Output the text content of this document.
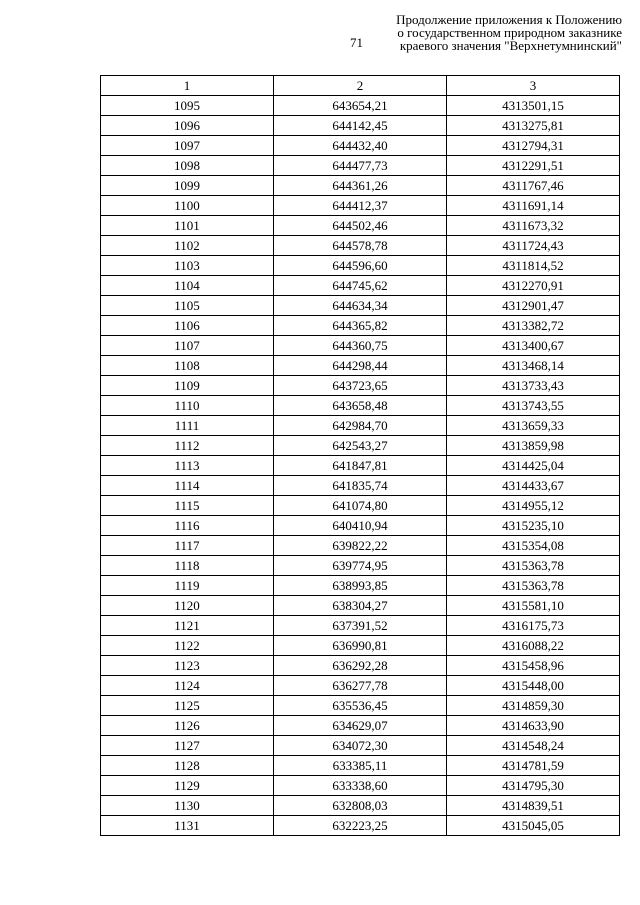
Продолжение приложения к Положению
о государственном природном заказнике
краевого значения "Верхнетумнинский"
71
1	2	3
1095	643654,21	4313501,15
1096	644142,45	4313275,81
1097	644432,40	4312794,31
1098	644477,73	4312291,51
1099	644361,26	4311767,46
1100	644412,37	4311691,14
1101	644502,46	4311673,32
1102	644578,78	4311724,43
1103	644596,60	4311814,52
1104	644745,62	4312270,91
1105	644634,34	4312901,47
1106	644365,82	4313382,72
1107	644360,75	4313400,67
1108	644298,44	4313468,14
1109	643723,65	4313733,43
1110	643658,48	4313743,55
1111	642984,70	4313659,33
1112	642543,27	4313859,98
1113	641847,81	4314425,04
1114	641835,74	4314433,67
1115	641074,80	4314955,12
1116	640410,94	4315235,10
1117	639822,22	4315354,08
1118	639774,95	4315363,78
1119	638993,85	4315363,78
1120	638304,27	4315581,10
1121	637391,52	4316175,73
1122	636990,81	4316088,22
1123	636292,28	4315458,96
1124	636277,78	4315448,00
1125	635536,45	4314859,30
1126	634629,07	4314633,90
1127	634072,30	4314548,24
1128	633385,11	4314781,59
1129	633338,60	4314795,30
1130	632808,03	4314839,51
1131	632223,25	4315045,05
